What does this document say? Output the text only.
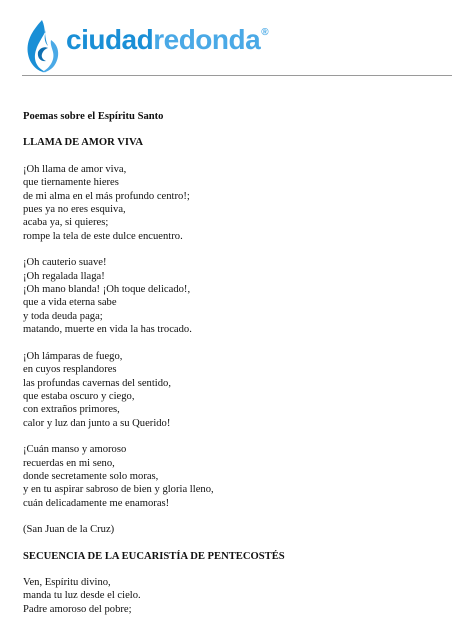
ciudadredonda®
Poemas sobre el Espíritu Santo
LLAMA DE AMOR VIVA
¡Oh llama de amor viva,
que tiernamente hieres
de mi alma en el más profundo centro!;
pues ya no eres esquiva,
acaba ya, si quieres;
rompe la tela de este dulce encuentro.
¡Oh cauterio suave!
¡Oh regalada llaga!
¡Oh mano blanda! ¡Oh toque delicado!,
que a vida eterna sabe
y toda deuda paga;
matando, muerte en vida la has trocado.
¡Oh lámparas de fuego,
en cuyos resplandores
las profundas cavernas del sentido,
que estaba oscuro y ciego,
con extraños primores,
calor y luz dan junto a su Querido!
¡Cuán manso y amoroso
recuerdas en mi seno,
donde secretamente solo moras,
y en tu aspirar sabroso de bien y gloria lleno,
cuán delicadamente me enamoras!
(San Juan de la Cruz)
SECUENCIA DE LA EUCARISTÍA DE PENTECOSTÉS
Ven, Espíritu divino,
manda tu luz desde el cielo.
Padre amoroso del pobre;
